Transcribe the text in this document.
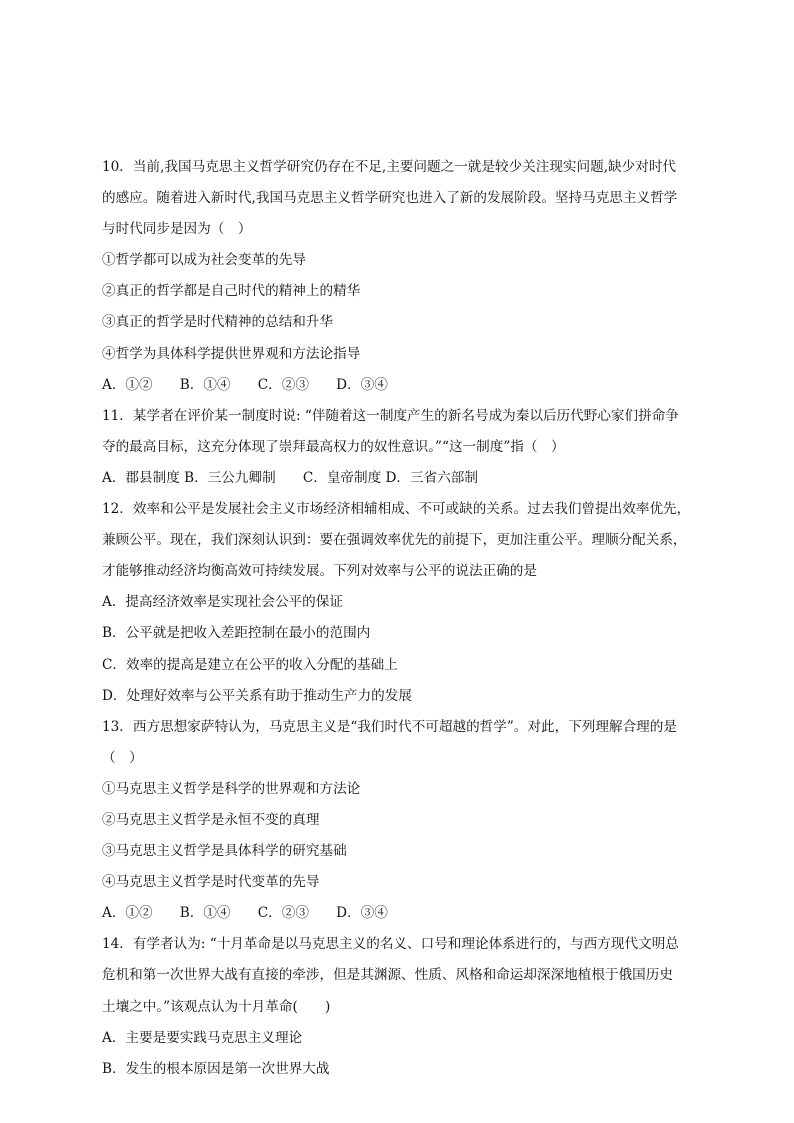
10．当前,我国马克思主义哲学研究仍存在不足,主要问题之一就是较少关注现实问题,缺少对时代
的感应。随着进入新时代,我国马克思主义哲学研究也进入了新的发展阶段。坚持马克思主义哲学
与时代同步是因为（　）
①哲学都可以成为社会变革的先导
②真正的哲学都是自己时代的精神上的精华
③真正的哲学是时代精神的总结和升华
④哲学为具体科学提供世界观和方法论指导
A．①②　　B．①④　　C．②③　　D．③④
11．某学者在评价某一制度时说: “伴随着这一制度产生的新名号成为秦以后历代野心家们拼命争
夺的最高目标，这充分体现了崇拜最高权力的奴性意识。”“这一制度”指（　）
A．郡县制度 B．三公九卿制　　C．皇帝制度 D．三省六部制
12．效率和公平是发展社会主义市场经济相辅相成、不可或缺的关系。过去我们曾提出效率优先，
兼顾公平。现在，我们深刻认识到：要在强调效率优先的前提下，更加注重公平。理顺分配关系，
才能够推动经济均衡高效可持续发展。下列对效率与公平的说法正确的是
A．提高经济效率是实现社会公平的保证
B．公平就是把收入差距控制在最小的范围内
C．效率的提高是建立在公平的收入分配的基础上
D．处理好效率与公平关系有助于推动生产力的发展
13．西方思想家萨特认为，马克思主义是“我们时代不可超越的哲学”。对此，下列理解合理的是
（　）
①马克思主义哲学是科学的世界观和方法论
②马克思主义哲学是永恒不变的真理
③马克思主义哲学是具体科学的研究基础
④马克思主义哲学是时代变革的先导
A．①②　　B．①④　　C．②③　　D．③④
14．有学者认为: “十月革命是以马克思主义的名义、口号和理论体系进行的，与西方现代文明总
危机和第一次世界大战有直接的牵涉，但是其渊源、性质、风格和命运却深深地植根于俄国历史
土壤之中。”该观点认为十月革命(　　)
A．主要是要实践马克思主义理论
B．发生的根本原因是第一次世界大战
